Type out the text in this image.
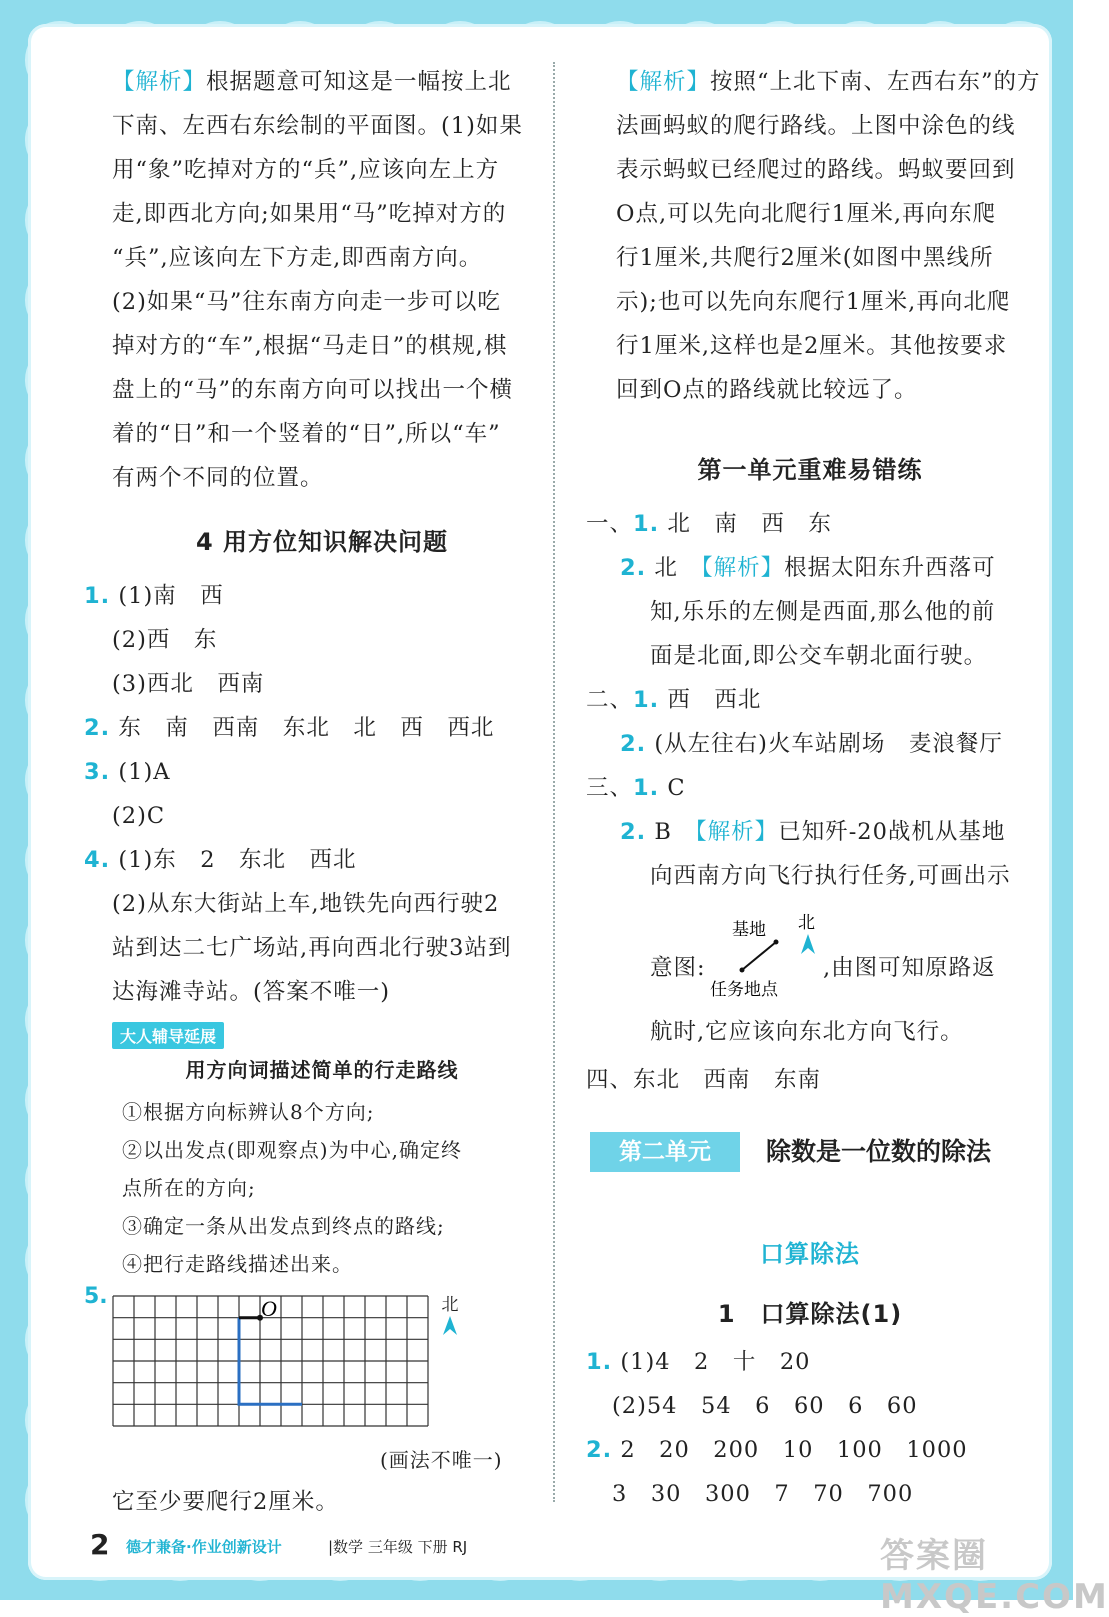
【解析】根据题意可知这是一幅按上北

下南、左西右东绘制的平面图。(1)如果

用“象”吃掉对方的“兵”,应该向左上方

走,即西北方向;如果用“马”吃掉对方的

“兵”,应该向左下方走,即西南方向。

(2)如果“马”往东南方向走一步可以吃

掉对方的“车”,根据“马走日”的棋规,棋

盘上的“马”的东南方向可以找出一个横

着的“日”和一个竖着的“日”,所以“车”

有两个不同的位置。

4 用方位知识解决问题

1. (1)南　西

(2)西　东

(3)西北　西南

2. 东　南　西南　东北　北　西　西北

3. (1)A

(2)C

4. (1)东　2　东北　西北

(2)从东大街站上车,地铁先向西行驶2

站到达二七广场站,再向西北行驶3站到

达海滩寺站。(答案不唯一)

大人辅导延展

用方向词描述简单的行走路线

①根据方向标辨认8个方向;

②以出发点(即观察点)为中心,确定终

点所在的方向;

③确定一条从出发点到终点的路线;

④把行走路线描述出来。

5.	O	北

(画法不唯一)

它至少要爬行2厘米。

【解析】按照“上北下南、左西右东”的方

法画蚂蚁的爬行路线。上图中涂色的线

表示蚂蚁已经爬过的路线。蚂蚁要回到

O点,可以先向北爬行1厘米,再向东爬

行1厘米,共爬行2厘米(如图中黑线所

示);也可以先向东爬行1厘米,再向北爬

行1厘米,这样也是2厘米。其他按要求

回到O点的路线就比较远了。

第一单元重难易错练

一、1. 北　南　西　东

2. 北　 【解析】根据太阳东升西落可

知,乐乐的左侧是西面,那么他的前

面是北面,即公交车朝北面行驶。

二、1. 西　西北

2. (从左往右)火车站剧场　麦浪餐厅

三、1. C

2. B　 【解析】已知歼-20战机从基地

向西南方向飞行执行任务,可画出示

意图:

基地 北
任务地点

,由图可知原路返

航时,它应该向东北方向飞行。

四、东北　西南　东南

第二单元	除数是一位数的除法

口算除法

1　口算除法(1)

1. (1)4　2　十　20

(2)54　54　6　60　6　60

2. 2　20　200　10　100　1000

3　30　300　7　70　700

2 德才兼备·作业创新设计	|数学 三年级 下册 RJ	答案圈 MXQE.COM
